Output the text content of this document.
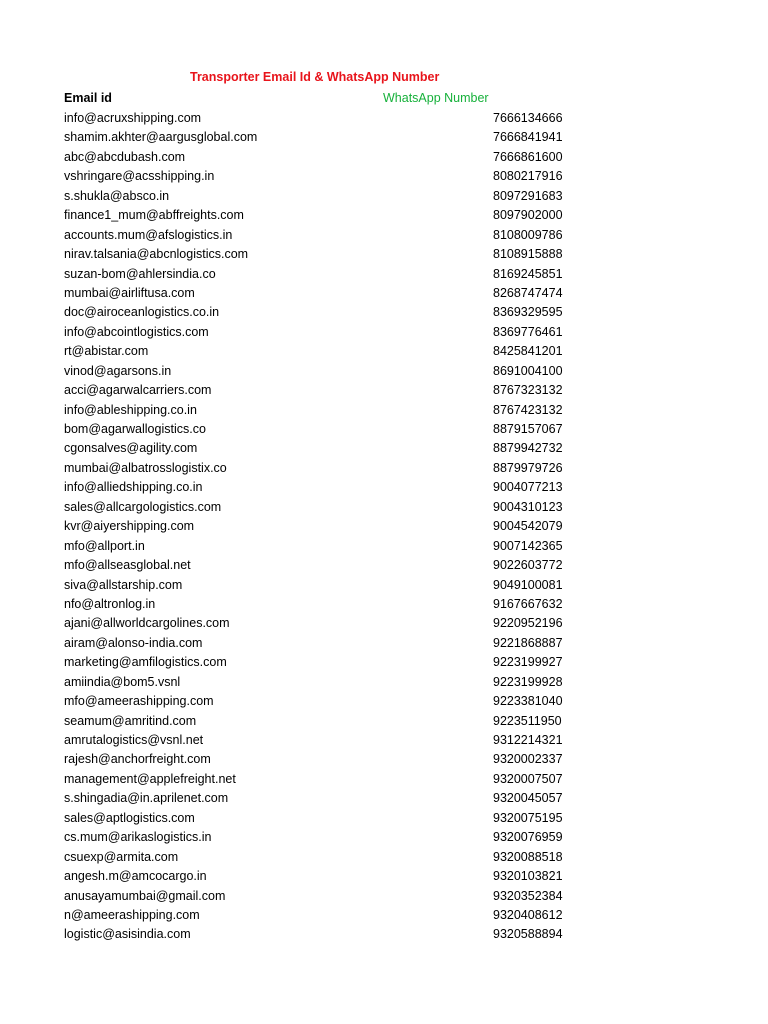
Transporter Email Id & WhatsApp Number
Email id	WhatsApp Number
info@acruxshipping.com	7666134666
shamim.akhter@aargusglobal.com	7666841941
abc@abcdubash.com	7666861600
vshringare@acsshipping.in	8080217916
s.shukla@absco.in	8097291683
finance1_mum@abffreights.com	8097902000
accounts.mum@afslogistics.in	8108009786
nirav.talsania@abcnlogistics.com	8108915888
suzan-bom@ahlersindia.co	8169245851
mumbai@airliftusa.com	8268747474
doc@airoceanlogistics.co.in	8369329595
info@abcointlogistics.com	8369776461
rt@abistar.com	8425841201
vinod@agarsons.in	8691004100
acci@agarwalcarriers.com	8767323132
info@ableshipping.co.in	8767423132
bom@agarwallogistics.co	8879157067
cgonsalves@agility.com	8879942732
mumbai@albatrosslogistix.co	8879979726
info@alliedshipping.co.in	9004077213
sales@allcargologistics.com	9004310123
kvr@aiyershipping.com	9004542079
mfo@allport.in	9007142365
mfo@allseasglobal.net	9022603772
siva@allstarship.com	9049100081
nfo@altronlog.in	9167667632
ajani@allworldcargolines.com	9220952196
airam@alonso-india.com	9221868887
marketing@amfilogistics.com	9223199927
amiindia@bom5.vsnl	9223199928
mfo@ameerashipping.com	9223381040
seamum@amritind.com	9223511950
amrutalogistics@vsnl.net	9312214321
rajesh@anchorfreight.com	9320002337
management@applefreight.net	9320007507
s.shingadia@in.aprilenet.com	9320045057
sales@aptlogistics.com	9320075195
cs.mum@arikaslogistics.in	9320076959
csuexp@armita.com	9320088518
angesh.m@amcocargo.in	9320103821
anusayamumbai@gmail.com	9320352384
n@ameerashipping.com	9320408612
logistic@asisindia.com	9320588894
